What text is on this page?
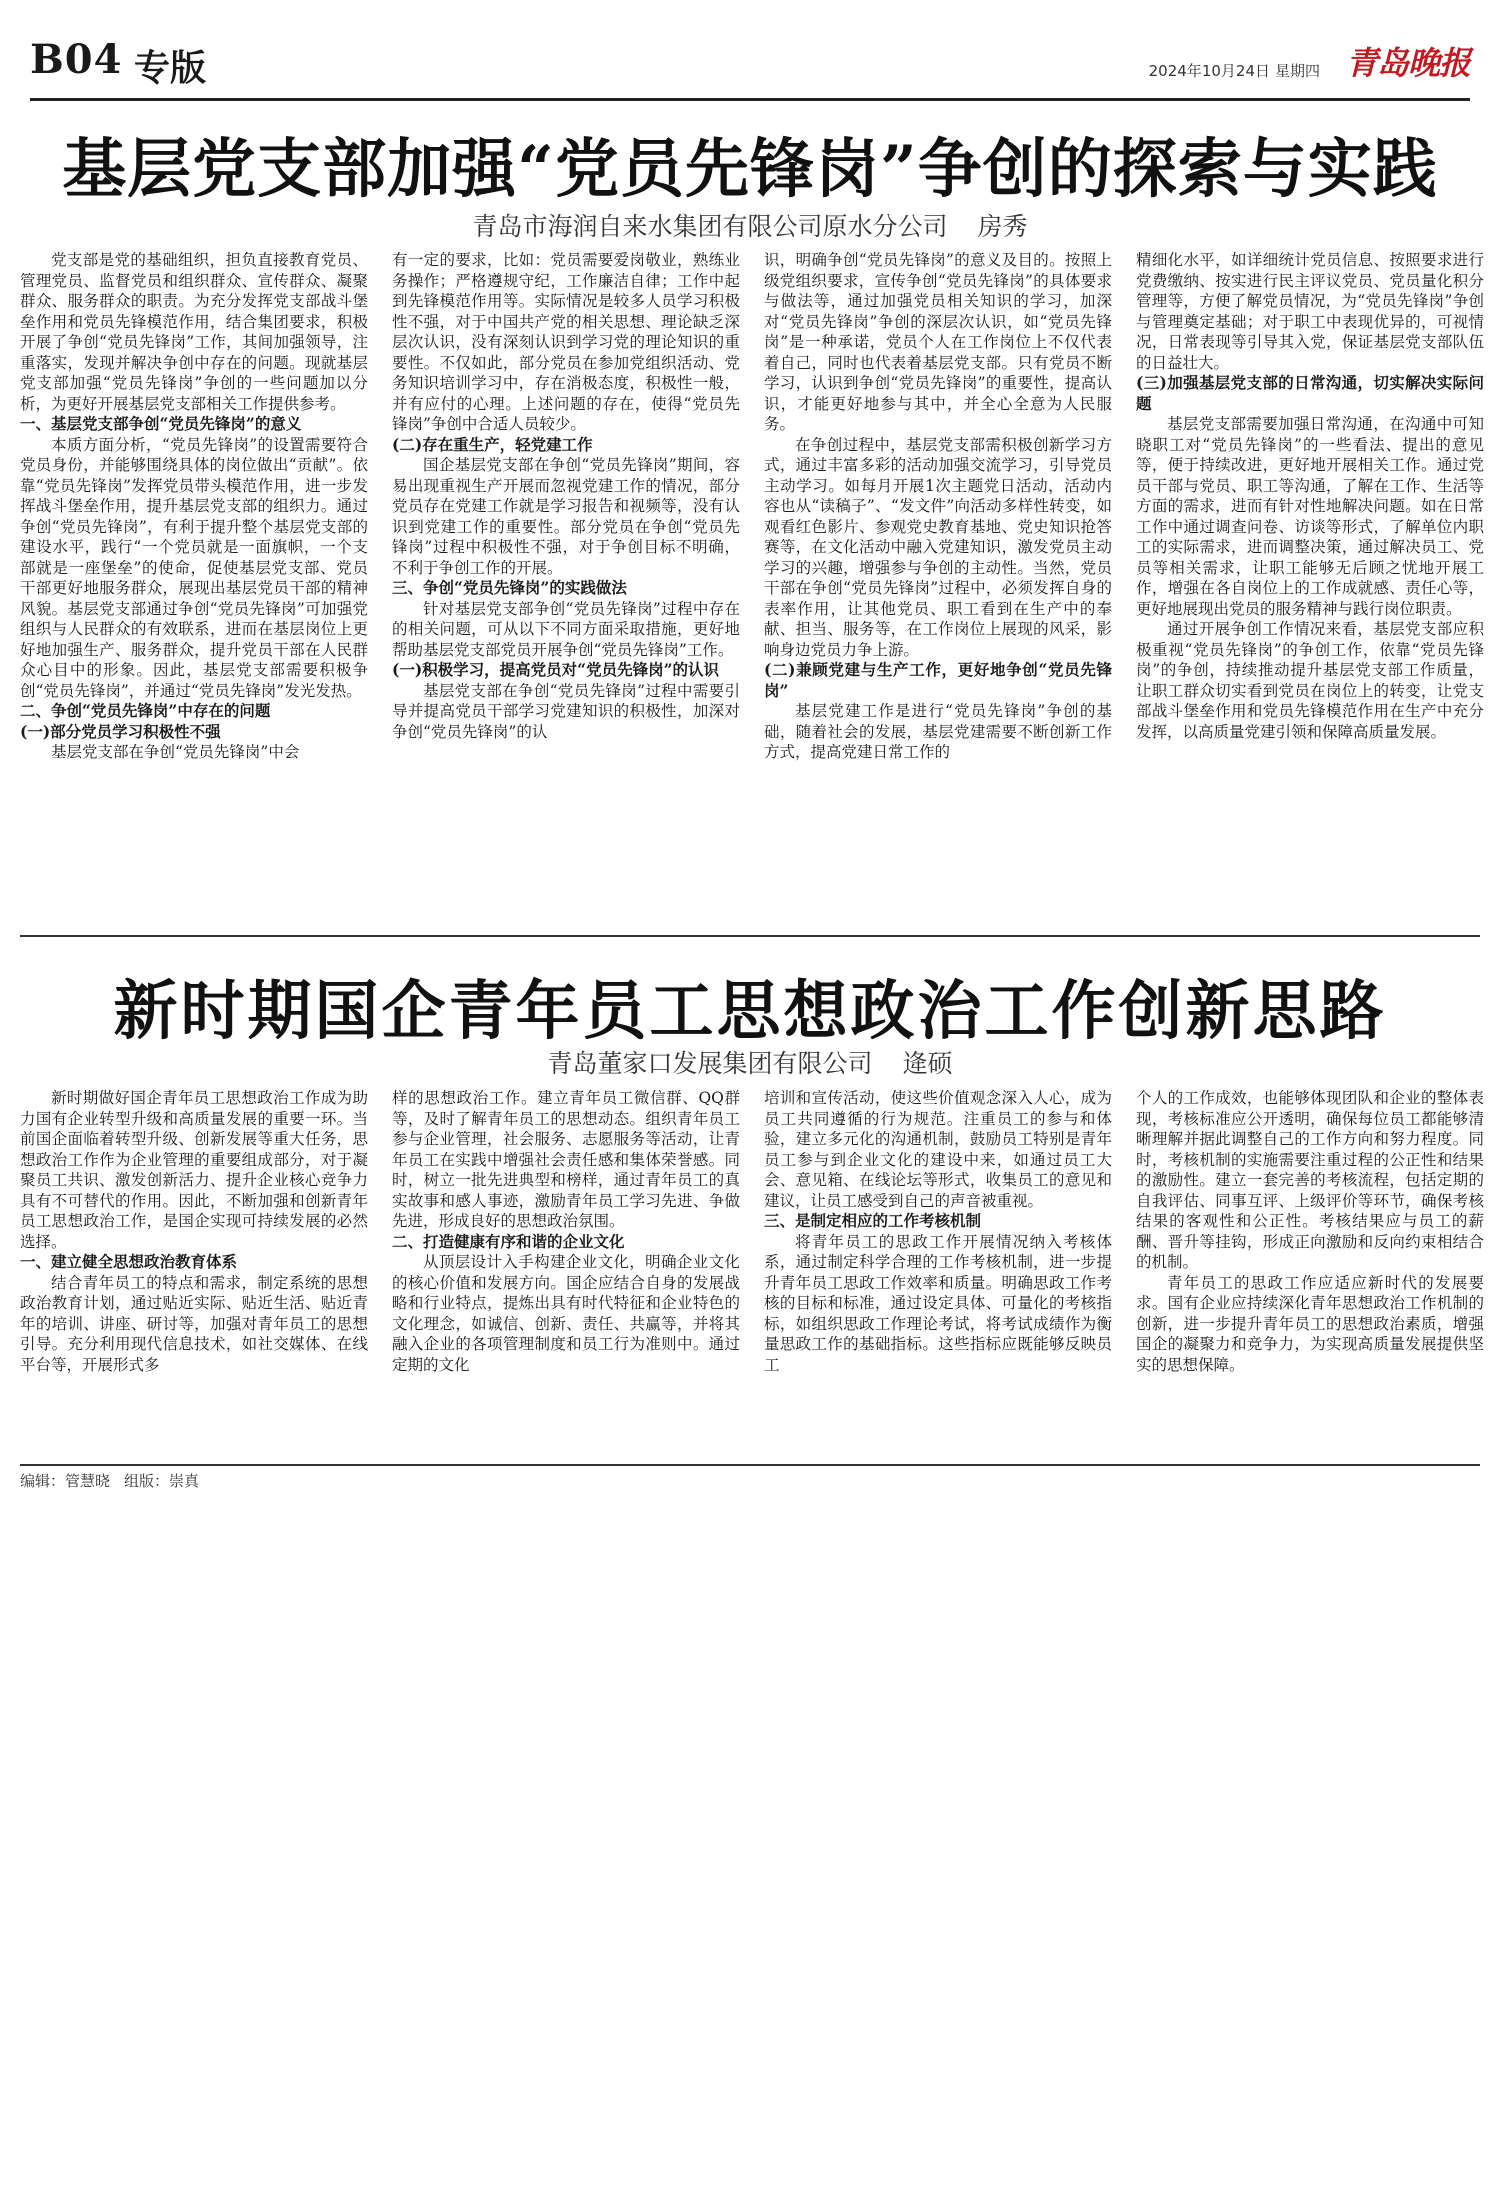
B04 专版	2024年10月24日 星期四 青岛晚报
基层党支部加强“党员先锋岗”争创的探索与实践
青岛市海润自来水集团有限公司原水分公司 房秀

党支部是党的基础组织，担负直接教育党员、管理党员、监督党员和组织群众、宣传群众、凝聚群众、服务群众的职责。为充分发挥党支部战斗堡垒作用和党员先锋模范作用，结合集团要求，积极开展了争创“党员先锋岗”工作，其间加强领导，注重落实，发现并解决争创中存在的问题。现就基层党支部加强“党员先锋岗”争创的一些问题加以分析，为更好开展基层党支部相关工作提供参考。

一、基层党支部争创“党员先锋岗”的意义

本质方面分析，“党员先锋岗”的设置需要符合党员身份，并能够围绕具体的岗位做出“贡献”。依靠“党员先锋岗”发挥党员带头模范作用，进一步发挥战斗堡垒作用，提升基层党支部的组织力。通过争创“党员先锋岗”，有利于提升整个基层党支部的建设水平，践行“一个党员就是一面旗帜，一个支部就是一座堡垒”的使命，促使基层党支部、党员干部更好地服务群众，展现出基层党员干部的精神风貌。基层党支部通过争创“党员先锋岗”可加强党组织与人民群众的有效联系，进而在基层岗位上更好地加强生产、服务群众，提升党员干部在人民群众心目中的形象。因此，基层党支部需要积极争创“党员先锋岗”，并通过“党员先锋岗”发光发热。

二、争创“党员先锋岗”中存在的问题

(一)部分党员学习积极性不强

基层党支部在争创“党员先锋岗”中会

有一定的要求，比如：党员需要爱岗敬业，熟练业务操作；严格遵规守纪，工作廉洁自律；工作中起到先锋模范作用等。实际情况是较多人员学习积极性不强，对于中国共产党的相关思想、理论缺乏深层次认识，没有深刻认识到学习党的理论知识的重要性。不仅如此，部分党员在参加党组织活动、党务知识培训学习中，存在消极态度，积极性一般，并有应付的心理。上述问题的存在，使得“党员先锋岗”争创中合适人员较少。

(二)存在重生产，轻党建工作

国企基层党支部在争创“党员先锋岗”期间，容易出现重视生产开展而忽视党建工作的情况，部分党员存在党建工作就是学习报告和视频等，没有认识到党建工作的重要性。部分党员在争创“党员先锋岗”过程中积极性不强，对于争创目标不明确，不利于争创工作的开展。

三、争创“党员先锋岗”的实践做法

针对基层党支部争创“党员先锋岗”过程中存在的相关问题，可从以下不同方面采取措施，更好地帮助基层党支部党员开展争创“党员先锋岗”工作。

(一)积极学习，提高党员对“党员先锋岗”的认识

基层党支部在争创“党员先锋岗”过程中需要引导并提高党员干部学习党建知识的积极性，加深对争创“党员先锋岗”的认

识，明确争创“党员先锋岗”的意义及目的。按照上级党组织要求，宣传争创“党员先锋岗”的具体要求与做法等，通过加强党员相关知识的学习，加深对“党员先锋岗”争创的深层次认识，如“党员先锋岗”是一种承诺，党员个人在工作岗位上不仅代表着自己，同时也代表着基层党支部。只有党员不断学习，认识到争创“党员先锋岗”的重要性，提高认识，才能更好地参与其中，并全心全意为人民服务。

在争创过程中，基层党支部需积极创新学习方式，通过丰富多彩的活动加强交流学习，引导党员主动学习。如每月开展1次主题党日活动，活动内容也从“读稿子”、“发文件”向活动多样性转变，如观看红色影片、参观党史教育基地、党史知识抢答赛等，在文化活动中融入党建知识，激发党员主动学习的兴趣，增强参与争创的主动性。当然，党员干部在争创“党员先锋岗”过程中，必须发挥自身的表率作用，让其他党员、职工看到在生产中的奉献、担当、服务等，在工作岗位上展现的风采，影响身边党员力争上游。

(二)兼顾党建与生产工作，更好地争创“党员先锋岗”

基层党建工作是进行“党员先锋岗”争创的基础，随着社会的发展，基层党建需要不断创新工作方式，提高党建日常工作的

精细化水平，如详细统计党员信息、按照要求进行党费缴纳、按实进行民主评议党员、党员量化积分管理等，方便了解党员情况，为“党员先锋岗”争创与管理奠定基础；对于职工中表现优异的，可视情况，日常表现等引导其入党，保证基层党支部队伍的日益壮大。

(三)加强基层党支部的日常沟通，切实解决实际问题

基层党支部需要加强日常沟通，在沟通中可知晓职工对“党员先锋岗”的一些看法、提出的意见等，便于持续改进，更好地开展相关工作。通过党员干部与党员、职工等沟通，了解在工作、生活等方面的需求，进而有针对性地解决问题。如在日常工作中通过调查问卷、访谈等形式，了解单位内职工的实际需求，进而调整决策，通过解决员工、党员等相关需求，让职工能够无后顾之忧地开展工作，增强在各自岗位上的工作成就感、责任心等，更好地展现出党员的服务精神与践行岗位职责。

通过开展争创工作情况来看，基层党支部应积极重视“党员先锋岗”的争创工作，依靠“党员先锋岗”的争创，持续推动提升基层党支部工作质量，让职工群众切实看到党员在岗位上的转变，让党支部战斗堡垒作用和党员先锋模范作用在生产中充分发挥，以高质量党建引领和保障高质量发展。

新时期国企青年员工思想政治工作创新思路
青岛董家口发展集团有限公司 逄硕

新时期做好国企青年员工思想政治工作成为助力国有企业转型升级和高质量发展的重要一环。当前国企面临着转型升级、创新发展等重大任务，思想政治工作作为企业管理的重要组成部分，对于凝聚员工共识、激发创新活力、提升企业核心竞争力具有不可替代的作用。因此，不断加强和创新青年员工思想政治工作，是国企实现可持续发展的必然选择。

一、建立健全思想政治教育体系

结合青年员工的特点和需求，制定系统的思想政治教育计划，通过贴近实际、贴近生活、贴近青年的培训、讲座、研讨等，加强对青年员工的思想引导。充分利用现代信息技术，如社交媒体、在线平台等，开展形式多

样的思想政治工作。建立青年员工微信群、QQ群等，及时了解青年员工的思想动态。组织青年员工参与企业管理，社会服务、志愿服务等活动，让青年员工在实践中增强社会责任感和集体荣誉感。同时，树立一批先进典型和榜样，通过青年员工的真实故事和感人事迹，激励青年员工学习先进、争做先进，形成良好的思想政治氛围。

二、打造健康有序和谐的企业文化

从顶层设计入手构建企业文化，明确企业文化的核心价值和发展方向。国企应结合自身的发展战略和行业特点，提炼出具有时代特征和企业特色的文化理念，如诚信、创新、责任、共赢等，并将其融入企业的各项管理制度和员工行为准则中。通过定期的文化

培训和宣传活动，使这些价值观念深入人心，成为员工共同遵循的行为规范。注重员工的参与和体验，建立多元化的沟通机制，鼓励员工特别是青年员工参与到企业文化的建设中来，如通过员工大会、意见箱、在线论坛等形式，收集员工的意见和建议，让员工感受到自己的声音被重视。

三、是制定相应的工作考核机制

将青年员工的思政工作开展情况纳入考核体系，通过制定科学合理的工作考核机制，进一步提升青年员工思政工作效率和质量。明确思政工作考核的目标和标准，通过设定具体、可量化的考核指标，如组织思政工作理论考试，将考试成绩作为衡量思政工作的基础指标。这些指标应既能够反映员工

个人的工作成效，也能够体现团队和企业的整体表现，考核标准应公开透明，确保每位员工都能够清晰理解并据此调整自己的工作方向和努力程度。同时，考核机制的实施需要注重过程的公正性和结果的激励性。建立一套完善的考核流程，包括定期的自我评估、同事互评、上级评价等环节，确保考核结果的客观性和公正性。考核结果应与员工的薪酬、晋升等挂钩，形成正向激励和反向约束相结合的机制。

青年员工的思政工作应适应新时代的发展要求。国有企业应持续深化青年思想政治工作机制的创新，进一步提升青年员工的思想政治素质，增强国企的凝聚力和竞争力，为实现高质量发展提供坚实的思想保障。

编辑：管慧晓 组版：崇真
